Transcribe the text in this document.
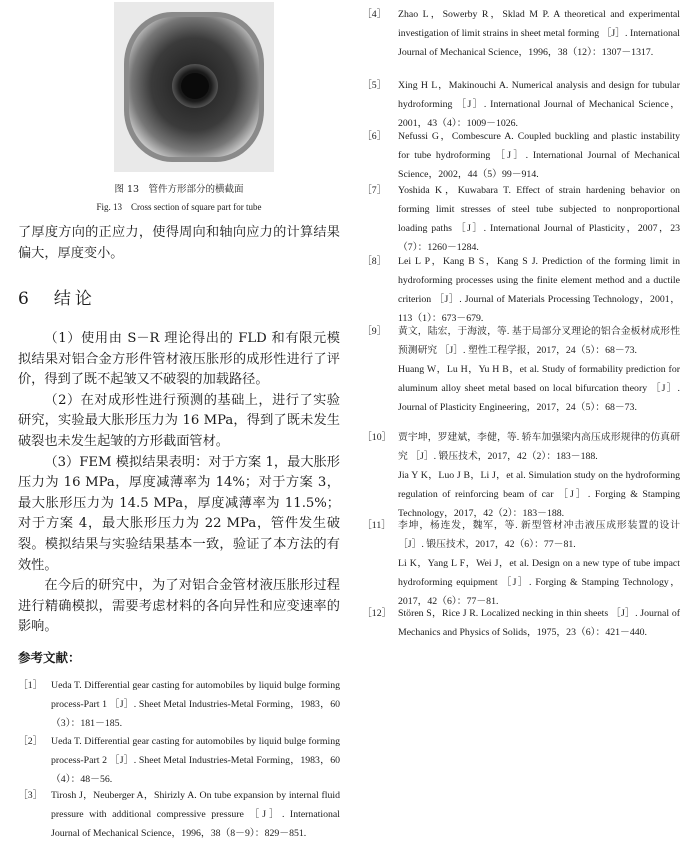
图 13　管件方形部分的横截面
Fig. 13　Cross section of square part for tube

了厚度方向的正应力，使得周向和轴向应力的计算结果偏大，厚度变小。

6　 结论

（1）使用由 S－R 理论得出的 FLD 和有限元模拟结果对铝合金方形件管材液压胀形的成形性进行了评价，得到了既不起皱又不破裂的加载路径。

（2）在对成形性进行预测的基础上，进行了实验研究，实验最大胀形压力为 16 MPa，得到了既未发生破裂也未发生起皱的方形截面管材。

（3）FEM 模拟结果表明：对于方案 1，最大胀形压力为 16 MPa，厚度减薄率为 14%；对于方案 3，最大胀形压力为 14.5 MPa，厚度减薄率为 11.5%；对于方案 4，最大胀形压力为 22 MPa，管件发生破裂。模拟结果与实验结果基本一致，验证了本方法的有效性。

在今后的研究中，为了对铝合金管材液压胀形过程进行精确模拟，需要考虑材料的各向异性和应变速率的影响。

参考文献：
［1］ Ueda T. Differential gear casting for automobiles by liquid bulge forming process-Part 1 ［J］. Sheet Metal Industries-Metal Forming，1983，60（3）：181－185.
［2］ Ueda T. Differential gear casting for automobiles by liquid bulge forming process-Part 2 ［J］. Sheet Metal Industries-Metal Forming，1983，60（4）：48－56.
［3］ Tirosh J，Neuberger A，Shirizly A. On tube expansion by internal fluid pressure with additional compressive pressure ［J］. International Journal of Mechanical Science，1996，38（8－9）：829－851.
［4］ Zhao L，Sowerby R，Sklad M P. A theoretical and experimental investigation of limit strains in sheet metal forming ［J］. International Journal of Mechanical Science，1996，38（12）：1307－1317.
［5］ Xing H L，Makinouchi A. Numerical analysis and design for tubular hydroforming ［J］. International Journal of Mechanical Science，2001，43（4）：1009－1026.
［6］ Nefussi G，Combescure A. Coupled buckling and plastic instability for tube hydroforming ［J］. International Journal of Mechanical Science，2002，44（5）99－914.
［7］ Yoshida K，Kuwabara T. Effect of strain hardening behavior on forming limit stresses of steel tube subjected to nonproportional loading paths ［J］. International Journal of Plasticity，2007，23（7）：1260－1284.
［8］ Lei L P，Kang B S，Kang S J. Prediction of the forming limit in hydroforming processes using the finite element method and a ductile criterion ［J］. Journal of Materials Processing Technology，2001，113（1）：673－679.
［9］ 黄文，陆宏，于海波，等. 基于局部分叉理论的铝合金板材成形性预测研究 ［J］. 塑性工程学报，2017，24（5）：68－73.
Huang W，Lu H，Yu H B，et al. Study of formability prediction for aluminum alloy sheet metal based on local bifurcation theory ［J］. Journal of Plasticity Engineering，2017，24（5）：68－73.
［10］ 贾宇坤，罗建斌，李健，等. 轿车加强梁内高压成形规律的仿真研究 ［J］. 锻压技术，2017，42（2）：183－188.
Jia Y K，Luo J B，Li J，et al. Simulation study on the hydroforming regulation of reinforcing beam of car ［J］. Forging & Stamping Technology，2017，42（2）：183－188.
［11］ 李坤，杨连发，魏军，等. 新型管材冲击液压成形装置的设计 ［J］. 锻压技术，2017，42（6）：77－81.
Li K，Yang L F，Wei J，et al. Design on a new type of tube impact hydroforming equipment ［J］. Forging & Stamping Technology，2017，42（6）：77－81.
［12］ Stören S，Rice J R. Localized necking in thin sheets ［J］. Journal of Mechanics and Physics of Solids，1975，23（6）：421－440.
